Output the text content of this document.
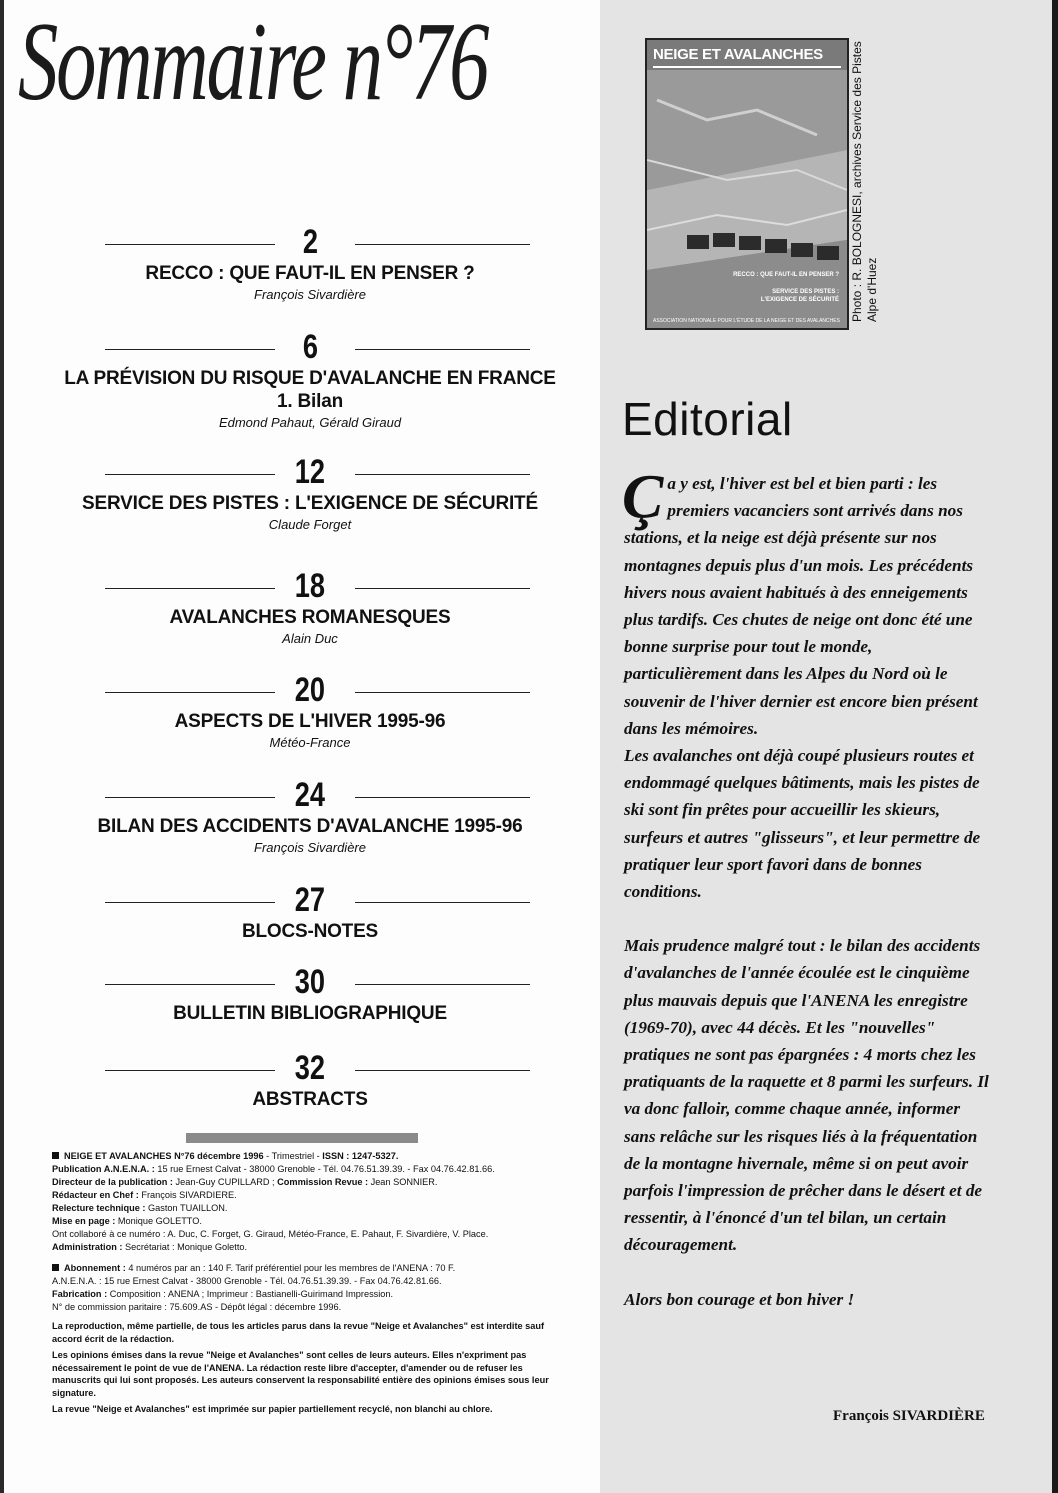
Sommaire n°76
2
RECCO : QUE FAUT-IL EN PENSER ?
François Sivardière
6
LA PRÉVISION DU RISQUE D'AVALANCHE EN FRANCE
1. Bilan
Edmond Pahaut, Gérald Giraud
12
SERVICE DES PISTES : L'EXIGENCE DE SÉCURITÉ
Claude Forget
18
AVALANCHES ROMANESQUES
Alain Duc
20
ASPECTS DE L'HIVER 1995-96
Météo-France
24
BILAN DES ACCIDENTS D'AVALANCHE 1995-96
François Sivardière
27
BLOCS-NOTES
30
BULLETIN BIBLIOGRAPHIQUE
32
ABSTRACTS

NEIGE ET AVALANCHES N°76 décembre 1996 - Trimestriel - ISSN : 1247-5327.

Publication A.N.E.N.A. : 15 rue Ernest Calvat - 38000 Grenoble - Tél. 04.76.51.39.39. - Fax 04.76.42.81.66.

Directeur de la publication : Jean-Guy CUPILLARD ; Commission Revue : Jean SONNIER.

Rédacteur en Chef : François SIVARDIERE.

Relecture technique : Gaston TUAILLON.

Mise en page : Monique GOLETTO.

Ont collaboré à ce numéro : A. Duc, C. Forget, G. Giraud, Météo-France, E. Pahaut, F. Sivardière, V. Place.

Administration : Secrétariat : Monique Goletto.

Abonnement : 4 numéros par an : 140 F. Tarif préférentiel pour les membres de l'ANENA : 70 F.

A.N.E.N.A. : 15 rue Ernest Calvat - 38000 Grenoble - Tél. 04.76.51.39.39. - Fax 04.76.42.81.66.

Fabrication : Composition : ANENA ; Imprimeur : Bastianelli-Guirimand Impression.

N° de commission paritaire : 75.609.AS - Dépôt légal : décembre 1996.

La reproduction, même partielle, de tous les articles parus dans la revue "Neige et Avalanches" est interdite sauf accord écrit de la rédaction.

Les opinions émises dans la revue "Neige et Avalanches" sont celles de leurs auteurs. Elles n'expriment pas nécessairement le point de vue de l'ANENA. La rédaction reste libre d'accepter, d'amender ou de refuser les manuscrits qui lui sont proposés. Les auteurs conservent la responsabilité entière des opinions émises sous leur signature.

La revue "Neige et Avalanches" est imprimée sur papier partiellement recyclé, non blanchi au chlore.

NEIGE ET AVALANCHES
RECCO : QUE FAUT-IL EN PENSER ?
SERVICE DES PISTES :
L'EXIGENCE DE SÉCURITÉ
ASSOCIATION NATIONALE POUR L'ÉTUDE DE LA NEIGE ET DES AVALANCHES Photo : R. BOLOGNESI, archives Service des Pistes Alpe d'Huez
Editorial

Ça y est, l'hiver est bel et bien parti : les premiers vacanciers sont arrivés dans nos stations, et la neige est déjà présente sur nos montagnes depuis plus d'un mois. Les précédents hivers nous avaient habitués à des enneigements plus tardifs. Ces chutes de neige ont donc été une bonne surprise pour tout le monde, particulièrement dans les Alpes du Nord où le souvenir de l'hiver dernier est encore bien présent dans les mémoires.

Les avalanches ont déjà coupé plusieurs routes et endommagé quelques bâtiments, mais les pistes de ski sont fin prêtes pour accueillir les skieurs, surfeurs et autres "glisseurs", et leur permettre de pratiquer leur sport favori dans de bonnes conditions.

Mais prudence malgré tout : le bilan des accidents d'avalanches de l'année écoulée est le cinquième plus mauvais depuis que l'ANENA les enregistre (1969-70), avec 44 décès. Et les "nouvelles" pratiques ne sont pas épargnées : 4 morts chez les pratiquants de la raquette et 8 parmi les surfeurs. Il va donc falloir, comme chaque année, informer sans relâche sur les risques liés à la fréquentation de la montagne hivernale, même si on peut avoir parfois l'impression de prêcher dans le désert et de ressentir, à l'énoncé d'un tel bilan, un certain découragement.

Alors bon courage et bon hiver !

François SIVARDIÈRE
